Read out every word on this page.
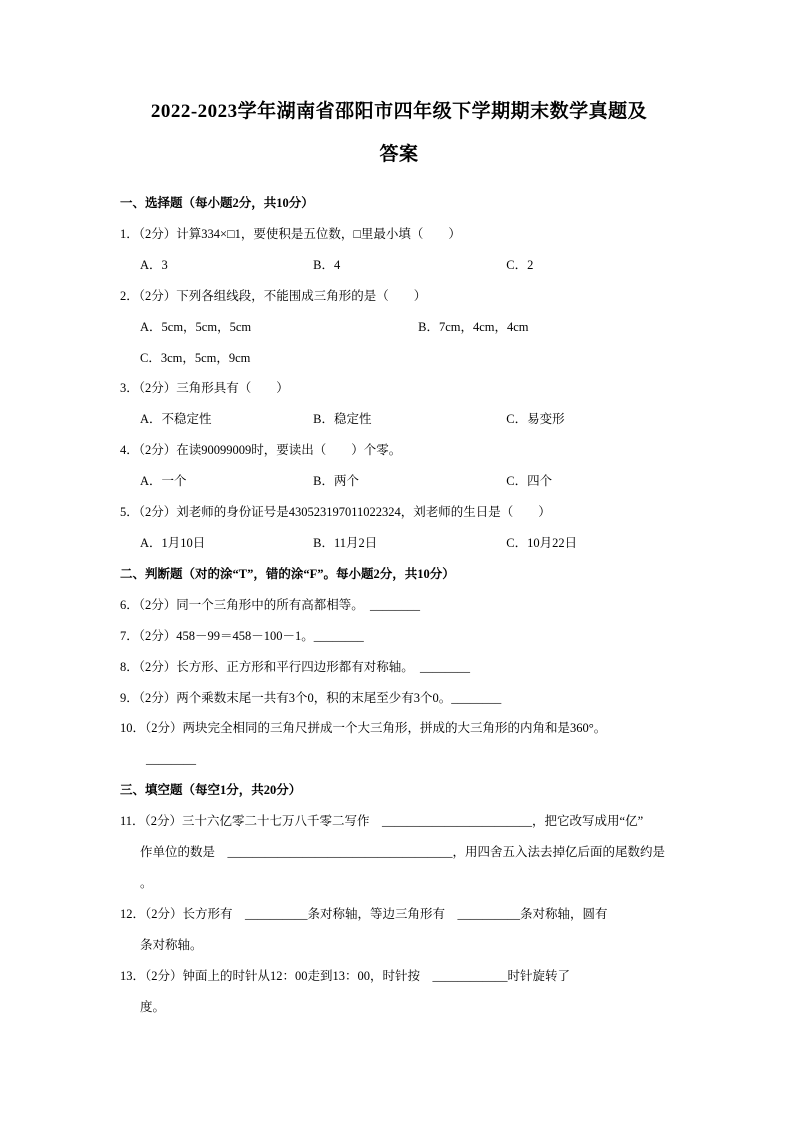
2022-2023学年湖南省邵阳市四年级下学期期末数学真题及
答案
一、选择题（每小题2分，共10分）
1．（2分）计算334×□1，要使积是五位数，□里最小填（　　）
A．3	B．4	C．2
2．（2分）下列各组线段，不能围成三角形的是（　　）
A．5cm，5cm，5cm	B．7cm，4cm，4cm
C．3cm，5cm，9cm
3．（2分）三角形具有（　　）
A．不稳定性	B．稳定性	C．易变形
4．（2分）在读90099009时，要读出（　　）个零。
A．一个	B．两个	C．四个
5．（2分）刘老师的身份证号是430523197011022324，刘老师的生日是（　　）
A．1月10日	B．11月2日	C．10月22日
二、判断题（对的涂“T”，错的涂“F”。每小题2分，共10分）
6．（2分）同一个三角形中的所有高都相等。　________
7．（2分）458－99＝458－100－1。________
8．（2分）长方形、正方形和平行四边形都有对称轴。　________
9．（2分）两个乘数末尾一共有3个0，积的末尾至少有3个0。________
10．（2分）两块完全相同的三角尺拼成一个大三角形，拼成的大三角形的内角和是360°。
________
三、填空题（每空1分，共20分）
11．（2分）三十六亿零二十七万八千零二写作　________________________，把它改写成用“亿”
作单位的数是　____________________________________，用四舍五入法去掉亿后面的尾数约是
。
12．（2分）长方形有　__________条对称轴，等边三角形有　__________条对称轴，圆有
条对称轴。
13．（2分）钟面上的时针从12：00走到13：00，时针按　____________时针旋转了
度。
